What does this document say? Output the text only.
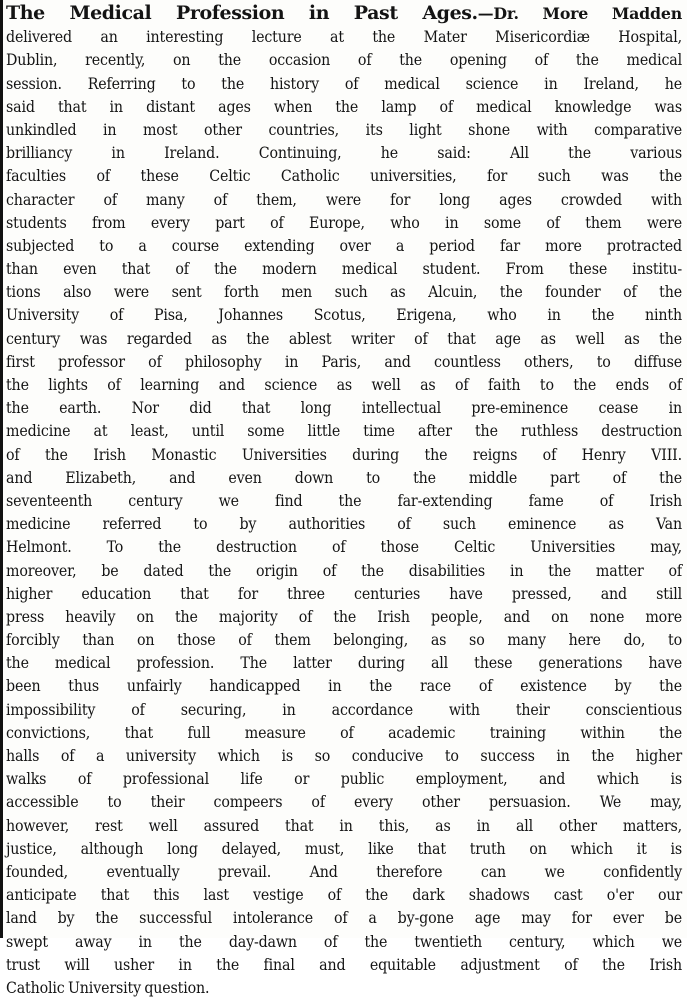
The Medical Profession in Past Ages.—Dr. More Madden
delivered an interesting lecture at the Mater Misericordiæ Hospital,
Dublin, recently, on the occasion of the opening of the medical
session. Referring to the history of medical science in Ireland, he
said that in distant ages when the lamp of medical knowledge was
unkindled in most other countries, its light shone with comparative
brilliancy in Ireland. Continuing, he said: All the various
faculties of these Celtic Catholic universities, for such was the
character of many of them, were for long ages crowded with
students from every part of Europe, who in some of them were
subjected to a course extending over a period far more protracted
than even that of the modern medical student. From these institu-
tions also were sent forth men such as Alcuin, the founder of the
University of Pisa, Johannes Scotus, Erigena, who in the ninth
century was regarded as the ablest writer of that age as well as the
first professor of philosophy in Paris, and countless others, to diffuse
the lights of learning and science as well as of faith to the ends of
the earth. Nor did that long intellectual pre-eminence cease in
medicine at least, until some little time after the ruthless destruction
of the Irish Monastic Universities during the reigns of Henry VIII.
and Elizabeth, and even down to the middle part of the
seventeenth century we find the far-extending fame of Irish
medicine referred to by authorities of such eminence as Van
Helmont. To the destruction of those Celtic Universities may,
moreover, be dated the origin of the disabilities in the matter of
higher education that for three centuries have pressed, and still
press heavily on the majority of the Irish people, and on none more
forcibly than on those of them belonging, as so many here do, to
the medical profession. The latter during all these generations have
been thus unfairly handicapped in the race of existence by the
impossibility of securing, in accordance with their conscientious
convictions, that full measure of academic training within the
halls of a university which is so conducive to success in the higher
walks of professional life or public employment, and which is
accessible to their compeers of every other persuasion. We may,
however, rest well assured that in this, as in all other matters,
justice, although long delayed, must, like that truth on which it is
founded, eventually prevail. And therefore can we confidently
anticipate that this last vestige of the dark shadows cast o'er our
land by the successful intolerance of a by-gone age may for ever be
swept away in the day-dawn of the twentieth century, which we
trust will usher in the final and equitable adjustment of the Irish
Catholic University question.
